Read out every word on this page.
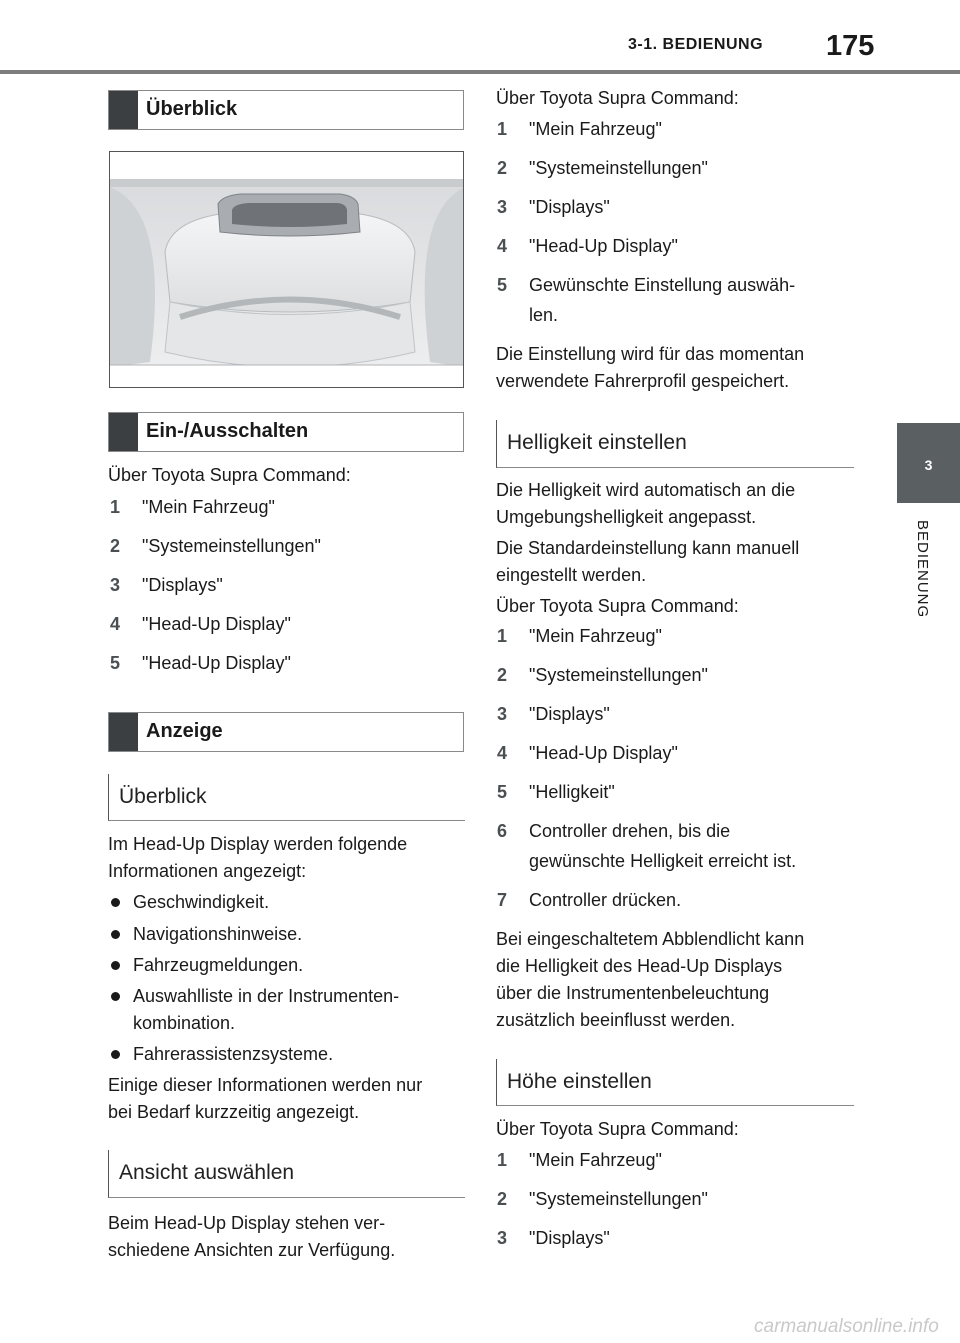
3-1. BEDIENUNG 175
3
BEDIENUNG
Überblick
Ein-/Ausschalten
Über Toyota Supra Command:
1 "Mein Fahrzeug"
2 "Systemeinstellungen"
3 "Displays"
4 "Head-Up Display"
5 "Head-Up Display"
Anzeige
Überblick
Im Head-Up Display werden folgende
Informationen angezeigt:
Geschwindigkeit.
Navigationshinweise.
Fahrzeugmeldungen.
Auswahlliste in der Instrumenten-
kombination.
Fahrerassistenzsysteme.
Einige dieser Informationen werden nur
bei Bedarf kurzzeitig angezeigt.
Ansicht auswählen
Beim Head-Up Display stehen ver-
schiedene Ansichten zur Verfügung.
Über Toyota Supra Command:
1 "Mein Fahrzeug"
2 "Systemeinstellungen"
3 "Displays"
4 "Head-Up Display"
5 Gewünschte Einstellung auswäh-
len.
Die Einstellung wird für das momentan
verwendete Fahrerprofil gespeichert.
Helligkeit einstellen
Die Helligkeit wird automatisch an die
Umgebungshelligkeit angepasst.
Die Standardeinstellung kann manuell
eingestellt werden.
Über Toyota Supra Command:
1 "Mein Fahrzeug"
2 "Systemeinstellungen"
3 "Displays"
4 "Head-Up Display"
5 "Helligkeit"
6 Controller drehen, bis die
gewünschte Helligkeit erreicht ist.
7 Controller drücken.
Bei eingeschaltetem Abblendlicht kann
die Helligkeit des Head-Up Displays
über die Instrumentenbeleuchtung
zusätzlich beeinflusst werden.
Höhe einstellen
Über Toyota Supra Command:
1 "Mein Fahrzeug"
2 "Systemeinstellungen"
3 "Displays"
carmanualsonline.info
